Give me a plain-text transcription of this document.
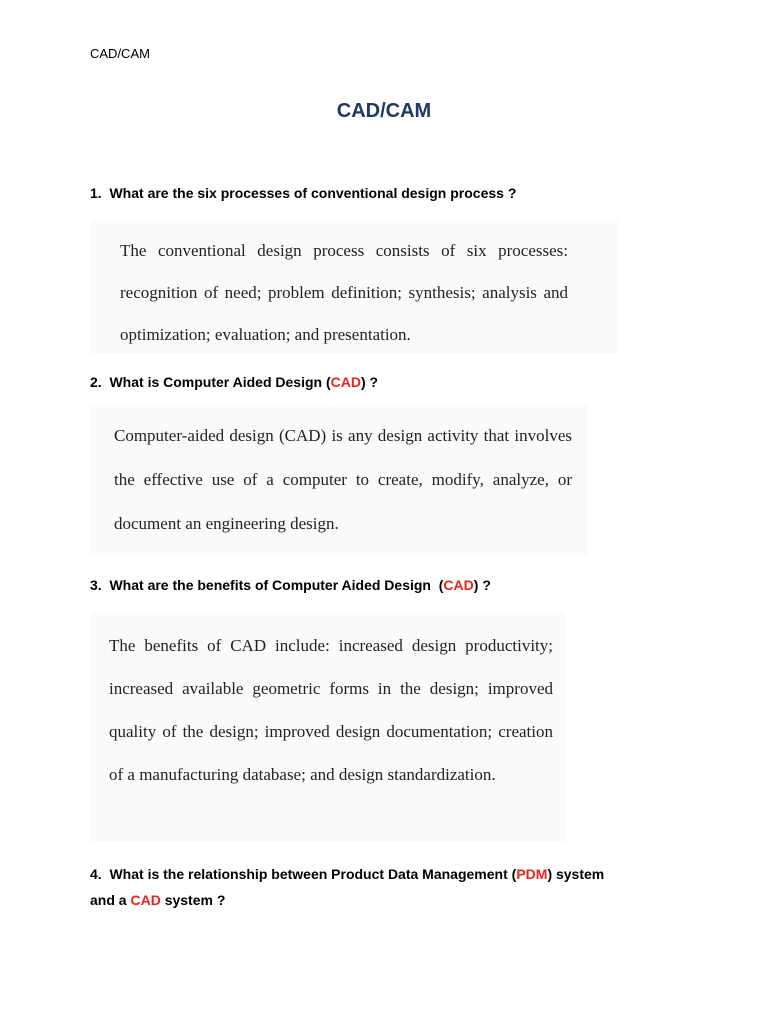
CAD/CAM
CAD/CAM
1. What are the six processes of conventional design process ?

The conventional design process consists of six processes: recognition of need; problem definition; synthesis; analysis and optimization; evaluation; and presentation.

2. What is Computer Aided Design (CAD) ?

Computer-aided design (CAD) is any design activity that involves the effective use of a computer to create, modify, analyze, or document an engineering design.

3. What are the benefits of Computer Aided Design  (CAD) ?

The benefits of CAD include: increased design productivity; increased available geometric forms in the design; improved quality of the design; improved design documentation; creation of a manufacturing database; and design standardization.

4. What is the relationship between Product Data Management (PDM) system
and a CAD system ?
